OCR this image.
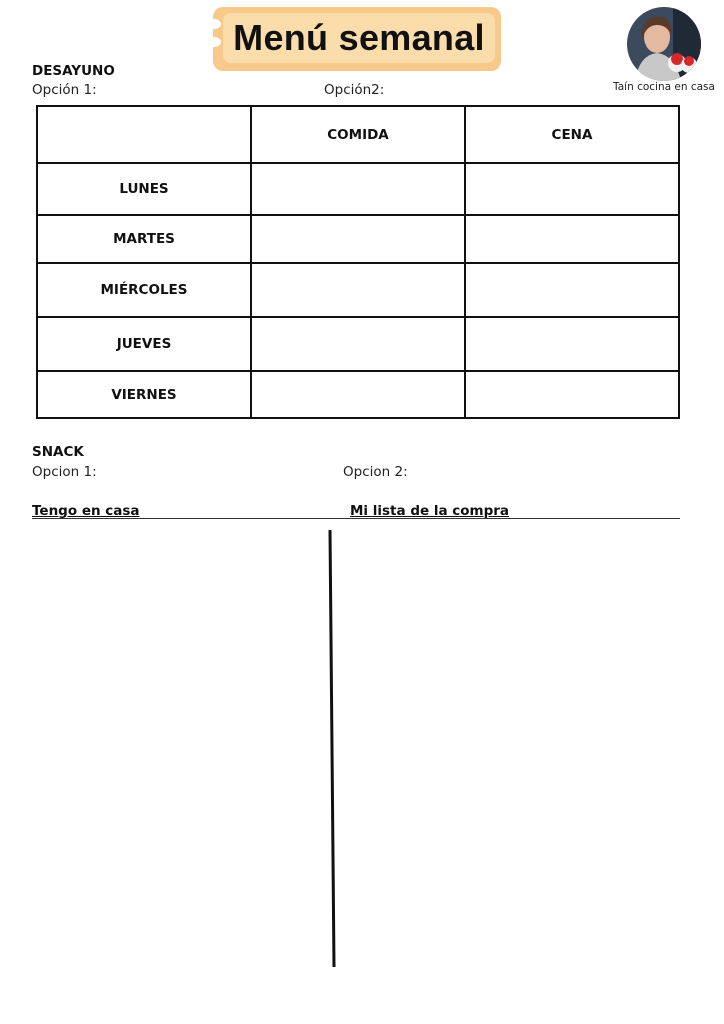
Menú semanal
Taín cocina en casa
DESAYUNO
Opción 1:	Opción2:
	COMIDA	CENA
LUNES		
MARTES		
MIÉRCOLES		
JUEVES		
VIERNES		
SNACK
Opcion 1:	Opcion 2:
Tengo en casa	Mi lista de la compra
